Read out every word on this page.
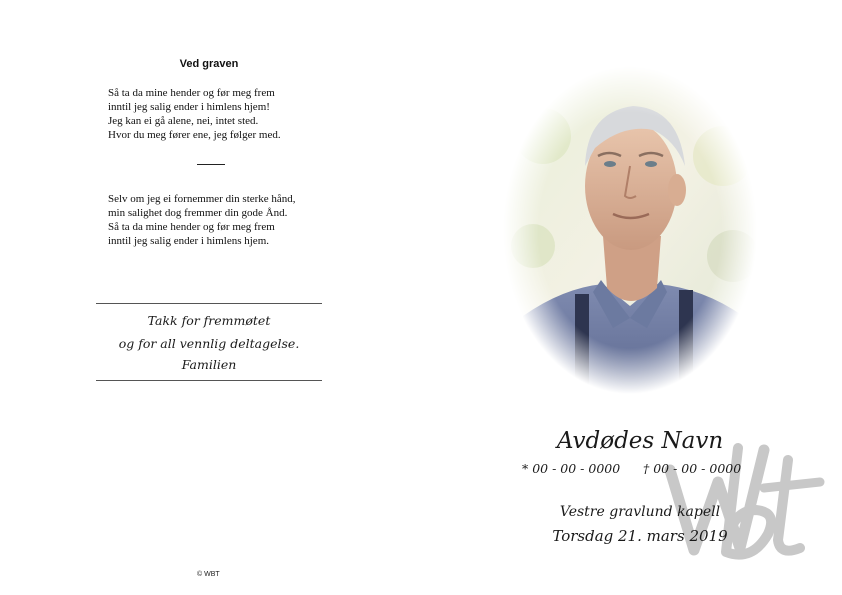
Ved graven
Så ta da mine hender og før meg frem
inntil jeg salig ender i himlens hjem!
Jeg kan ei gå alene, nei, intet sted.
Hvor du meg fører ene, jeg følger med.
Selv om jeg ei fornemmer din sterke hånd,
min salighet dog fremmer din gode Ånd.
Så ta da mine hender og før meg frem
inntil jeg salig ender i himlens hjem.
Takk for fremmøtet
og for all vennlig deltagelse.
Familien
© WBT
Avdødes Navn
* 00 - 00 - 0000 † 00 - 00 - 0000
Vestre gravlund kapell
Torsdag 21. mars 2019
